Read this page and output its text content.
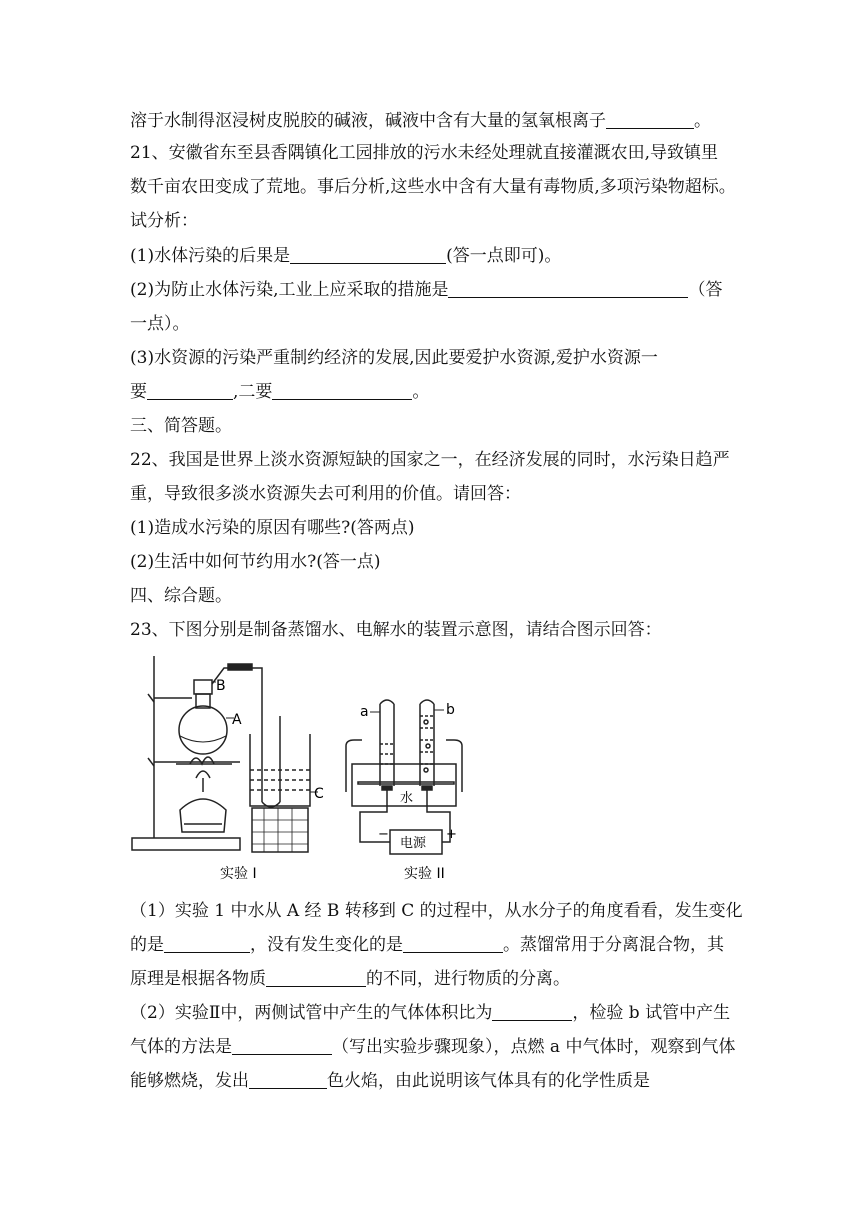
溶于水制得沤浸树皮脱胶的碱液，碱液中含有大量的氢氧根离子	。
21、安徽省东至县香隅镇化工园排放的污水未经处理就直接灌溉农田,导致镇里
数千亩农田变成了荒地。事后分析,这些水中含有大量有毒物质,多项污染物超标。
试分析：
(1)水体污染的后果是	(答一点即可)。
(2)为防止水体污染,工业上应采取的措施是	（答
一点）。
(3)水资源的污染严重制约经济的发展,因此要爱护水资源,爱护水资源一
要	,二要	。
三、简答题。
22、我国是世界上淡水资源短缺的国家之一，在经济发展的同时，水污染日趋严
重，导致很多淡水资源失去可利用的价值。请回答：
(1)造成水污染的原因有哪些?(答两点)
(2)生活中如何节约用水?(答一点)
四、综合题。
23、下图分别是制备蒸馏水、电解水的装置示意图，请结合图示回答：
B
A
C
a	b
水
电源
−	+
实验 I	实验 II
（1）实验 1 中水从 A 经 B 转移到 C 的过程中，从水分子的角度看看，发生变化
的是	，没有发生变化的是	。蒸馏常用于分离混合物，其
原理是根据各物质	的不同，进行物质的分离。
（2）实验Ⅱ中，两侧试管中产生的气体体积比为	，检验 b 试管中产生
气体的方法是	（写出实验步骤现象），点燃 a 中气体时，观察到气体
能够燃烧，发出	色火焰，由此说明该气体具有的化学性质是
